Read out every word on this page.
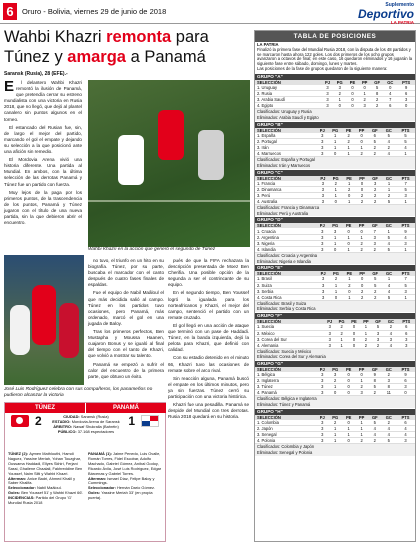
6	Oruro - Bolivia, viernes 29 de junio de 2018
Suplemento
Deportivo
LA PATRIA
Wahbi Khazri remonta para
Túnez y amarga a Panamá
Saransk (Rusia), 28 (EFE).-
E	l delantero Wahbi Khazri remontó la ilusión de Panamá, que pretendía cerrar su estreno mundialista con una victoria en Rusia 2018, que no llegó, que dejó al plantel canalero sin puntos algunos en el torneo.

El estancado del Rusian fue, sin, de largo el mejor del partido, marcando el gol el empate y dejando su selección a la que posicionó ante una afición sin remedio.

El Mordovia Arena vivió una historia diferente. Una partida al Mundial. En ambos, con la última selección de las derrotas Panamá y Túnez fue un partido con fuerza.

Muy lejos de la paga por los primeros puntos, de la trascendencia de los puntos, Panamá y Túnez jugaron con el título de una nueva partida, sin la que debieron abrir el encuentro.

Wahbi Khazri en la acción que generó el segundo de Túnez

no tuvo, el triunfo en un hito en su biografía. Túnez, por su parte, buscaba el marcador con el canto después de cuatro fases finales de espaldas.

Fue el equipo de Nabil Maâloul el que más decidida salió al campo. Túnez en los partidos tuvo ocasiones, pero Panamá, más ordenado, marcó el gol en una jugada de Baloy.

Tras los primeros perfectos, Ben Mustapha y Moussa Haanen, cuajaron Bonus y se igualó al final del tiempo con el tanto de Khazri, que volvió a mostrar su talento.

Panamá se empezó a sufrir el calor del encuentro de la primera parte, que obtuvo un éxito.

pués de que la FIFA rechazara la descripción presentada de Moez Ben Cherifia. Una posible opción de la segunda a ser el contrincante de su equipo.

En el segundo tiempo, Ben Youssef logró la igualada para los norteafricanos y Khazri, el mejor del campo, sentenció el partido con un remate cruzado.

El gol llegó en una acción de ataque que terminó con un pase de Haddadi. Túnez, en la banda izquierda, dejó la pelota para Khazri, que definió con calidad.

Con su estadio detenido en el minuto 66, Khazri tuvo las ocasiones de remate sobre el arco rival.

Sin reacción alguna, Panamá buscó el empate en los últimos minutos, pero ya sin fuerzas. Túnez cerró su participación con una victoria histórica.

Khazri fue una pesadilla. Panamá se despide del Mundial con tres derrotas. Rusia 2018 quedará en su historia.

José Luis Rodríguez celebra con sus compañeros, los panameños no pudieron alcanzar la victoria
TÚNEZ	PANAMÁ
2	1
CIUDAD: Saransk (Rusia)
ESTADIO: Mordovia Arena de Saransk
ÁRBITRO: Nawaf Shukralla (Bahréin)
PÚBLICO: 37.168 espectadores
TÚNEZ (2): Aymen Mathlouthi, Hamdi Naguez, Yassine Meriah, Yohan Touzghar, Oussama Haddadi, Ellyes Skhiri, Ferjani Sassi, Ghailene Chaalali, Fakhreddine Ben Youssef, Naim Sliti y Wahbi Khazri.
Alterman: Anice Badri, Ahmed Khalil y Saber Khalifa.
Seleccionador: Nabil Maâloul.
Goles: Ben Youssef 51' y Wahbi Khazri 66'.
INCIDENCIAS: Partido del Grupo 'G' Mundial Rusia 2018
PANAMÁ (1): Jaime Penedo, Luis Ovalle, Román Torres, Fidel Escobar, Adolfo Machado, Gabriel Gómez, Aníbal Godoy, Ricardo Ávila, José Luis Rodríguez, Edgar Bárcenas y Gabriel Torres.
Alterman: Ismael Díaz, Felipe Baloy y Cummings.
Seleccionador: Hernán Darío Gómez.
Goles: Yassine Meriah 33' (en propia puerta).
TABLA DE POSICIONES
LA PATRIA
Finalizó la primera fase del Mundial Rusia 2018, con la disputa de los 48 partidos y se marcaron hasta ahora 122 goles. Los dos primeros de los ocho grupos avanzaron a octavos de final; en este caso, 16 quedaron eliminados y 16 jugarán la siguiente fase entre sábado, domingo, lunes y martes.
Las posiciones de la fase de grupos quedaron de la siguiente manera:
GRUPO "A"
SELECCIÓN	PJ	PG	PE	PP	GF	GC	PTS
1. Uruguay	3	3	0	0	5	0	9
2. Rusia	3	2	0	1	8	4	6
3. Arabia Saudí	3	1	0	2	2	7	3
4. Egipto	3	0	0	3	2	6	0
Clasificados: Uruguay y Rusia
Eliminados: Arabia Saudí y Egipto
GRUPO "B"
SELECCIÓN	PJ	PG	PE	PP	GF	GC	PTS
1. España	3	1	2	0	6	5	5
2. Portugal	3	1	2	0	5	4	5
3. Irán	3	1	1	1	2	2	4
4. Marruecos	3	0	1	2	2	4	1
Clasificados: España y Portugal
Eliminados: Irán y Marruecos
GRUPO "C"
SELECCIÓN	PJ	PG	PE	PP	GF	GC	PTS
1. Francia	3	2	1	0	3	1	7
2. Dinamarca	3	1	2	0	2	1	5
3. Perú	3	1	0	2	2	2	3
4. Australia	3	0	1	2	2	5	1
Clasificados: Francia y Dinamarca
Eliminados: Perú y Australia
GRUPO "D"
SELECCIÓN	PJ	PG	PE	PP	GF	GC	PTS
1. Croacia	3	3	0	0	7	1	9
2. Argentina	3	1	1	1	3	5	4
3. Nigeria	3	1	0	2	3	4	3
4. Islandia	3	0	1	2	2	5	1
Clasificados: Croacia y Argentina
Eliminados: Nigeria e Islandia
GRUPO "E"
SELECCIÓN	PJ	PG	PE	PP	GF	GC	PTS
1. Brasil	3	2	1	0	5	1	7
2. Suiza	3	1	2	0	5	4	5
3. Serbia	3	1	0	2	2	4	3
4. Costa Rica	3	0	1	2	2	5	1
Clasificados: Brasil y Suiza
Eliminados: Serbia y Costa Rica
GRUPO "F"
SELECCIÓN	PJ	PG	PE	PP	GF	GC	PTS
1. Suecia	3	2	0	1	5	2	6
2. México	3	2	0	1	3	4	6
3. Corea del Sur	3	1	0	2	3	3	3
4. Alemania	3	1	0	2	2	4	3
Clasificados: Suecia y México
Eliminados: Corea del Sur y Alemania
GRUPO "G"
SELECCIÓN	PJ	PG	PE	PP	GF	GC	PTS
1. Bélgica	3	3	0	0	9	2	9
2. Inglaterra	3	2	0	1	8	3	6
3. Túnez	3	1	0	2	5	8	3
4. Panamá	3	0	0	3	2	11	0
Clasificados: Bélgica e Inglaterra
Eliminados: Túnez y Panamá
GRUPO "H"
SELECCIÓN	PJ	PG	PE	PP	GF	GC	PTS
1. Colombia	3	2	0	1	5	2	6
2. Japón	3	1	1	1	4	4	4
3. Senegal	3	1	1	1	4	4	4
4. Polonia	3	1	0	2	2	5	3
Clasificados: Colombia y Japón
Eliminados: Senegal y Polonia
